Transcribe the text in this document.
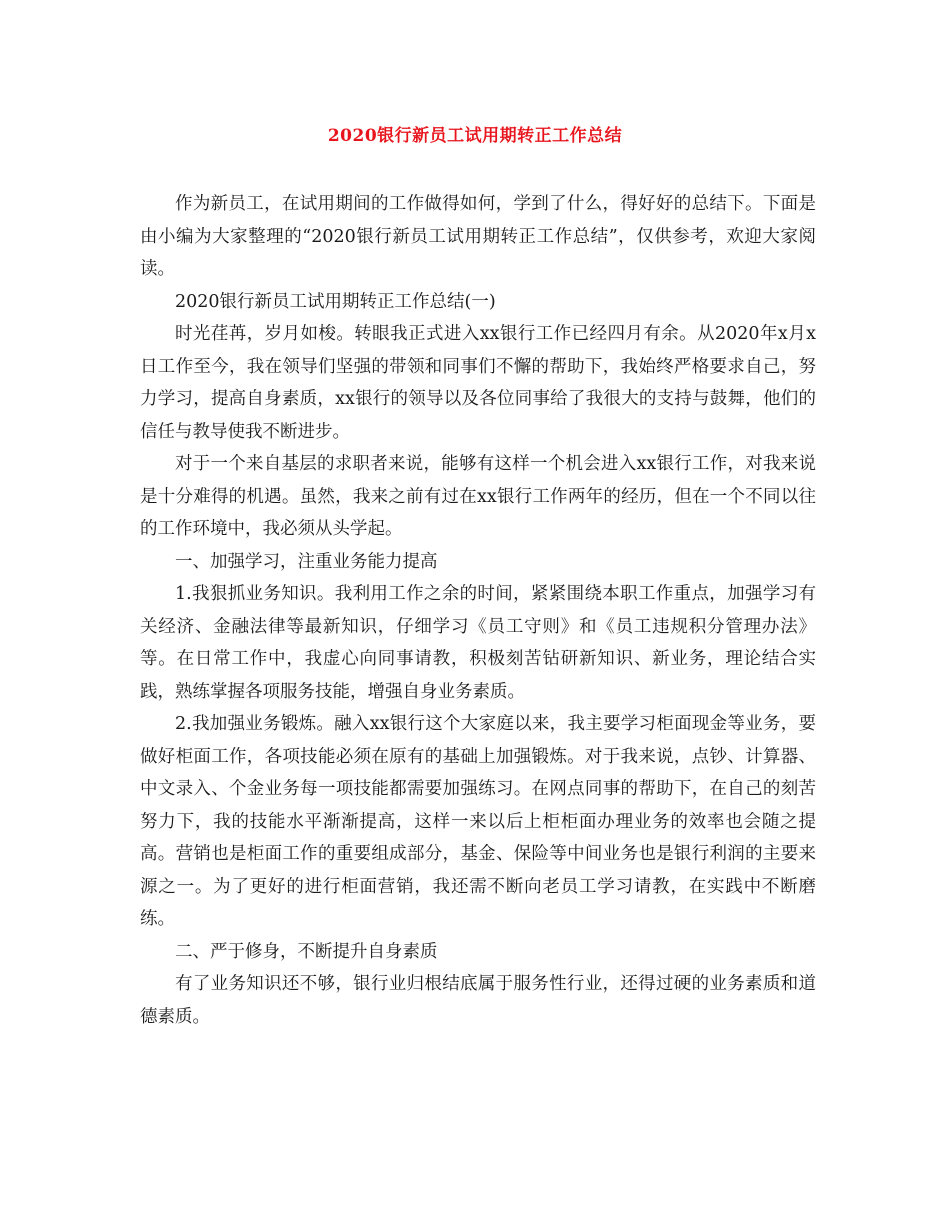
2020银行新员工试用期转正工作总结

作为新员工，在试用期间的工作做得如何，学到了什么，得好好的总结下。下面是由小编为大家整理的“2020银行新员工试用期转正工作总结”，仅供参考，欢迎大家阅读。

2020银行新员工试用期转正工作总结(一)

时光荏苒，岁月如梭。转眼我正式进入xx银行工作已经四月有余。从2020年x月x日工作至今，我在领导们坚强的带领和同事们不懈的帮助下，我始终严格要求自己，努力学习，提高自身素质，xx银行的领导以及各位同事给了我很大的支持与鼓舞，他们的信任与教导使我不断进步。

对于一个来自基层的求职者来说，能够有这样一个机会进入xx银行工作，对我来说是十分难得的机遇。虽然，我来之前有过在xx银行工作两年的经历，但在一个不同以往的工作环境中，我必须从头学起。

一、加强学习，注重业务能力提高

1.我狠抓业务知识。我利用工作之余的时间，紧紧围绕本职工作重点，加强学习有关经济、金融法律等最新知识，仔细学习《员工守则》和《员工违规积分管理办法》等。在日常工作中，我虚心向同事请教，积极刻苦钻研新知识、新业务，理论结合实践，熟练掌握各项服务技能，增强自身业务素质。

2.我加强业务锻炼。融入xx银行这个大家庭以来，我主要学习柜面现金等业务，要做好柜面工作，各项技能必须在原有的基础上加强锻炼。对于我来说，点钞、计算器、中文录入、个金业务每一项技能都需要加强练习。在网点同事的帮助下，在自己的刻苦努力下，我的技能水平渐渐提高，这样一来以后上柜柜面办理业务的效率也会随之提高。营销也是柜面工作的重要组成部分，基金、保险等中间业务也是银行利润的主要来源之一。为了更好的进行柜面营销，我还需不断向老员工学习请教，在实践中不断磨练。

二、严于修身，不断提升自身素质

有了业务知识还不够，银行业归根结底属于服务性行业，还得过硬的业务素质和道德素质。
